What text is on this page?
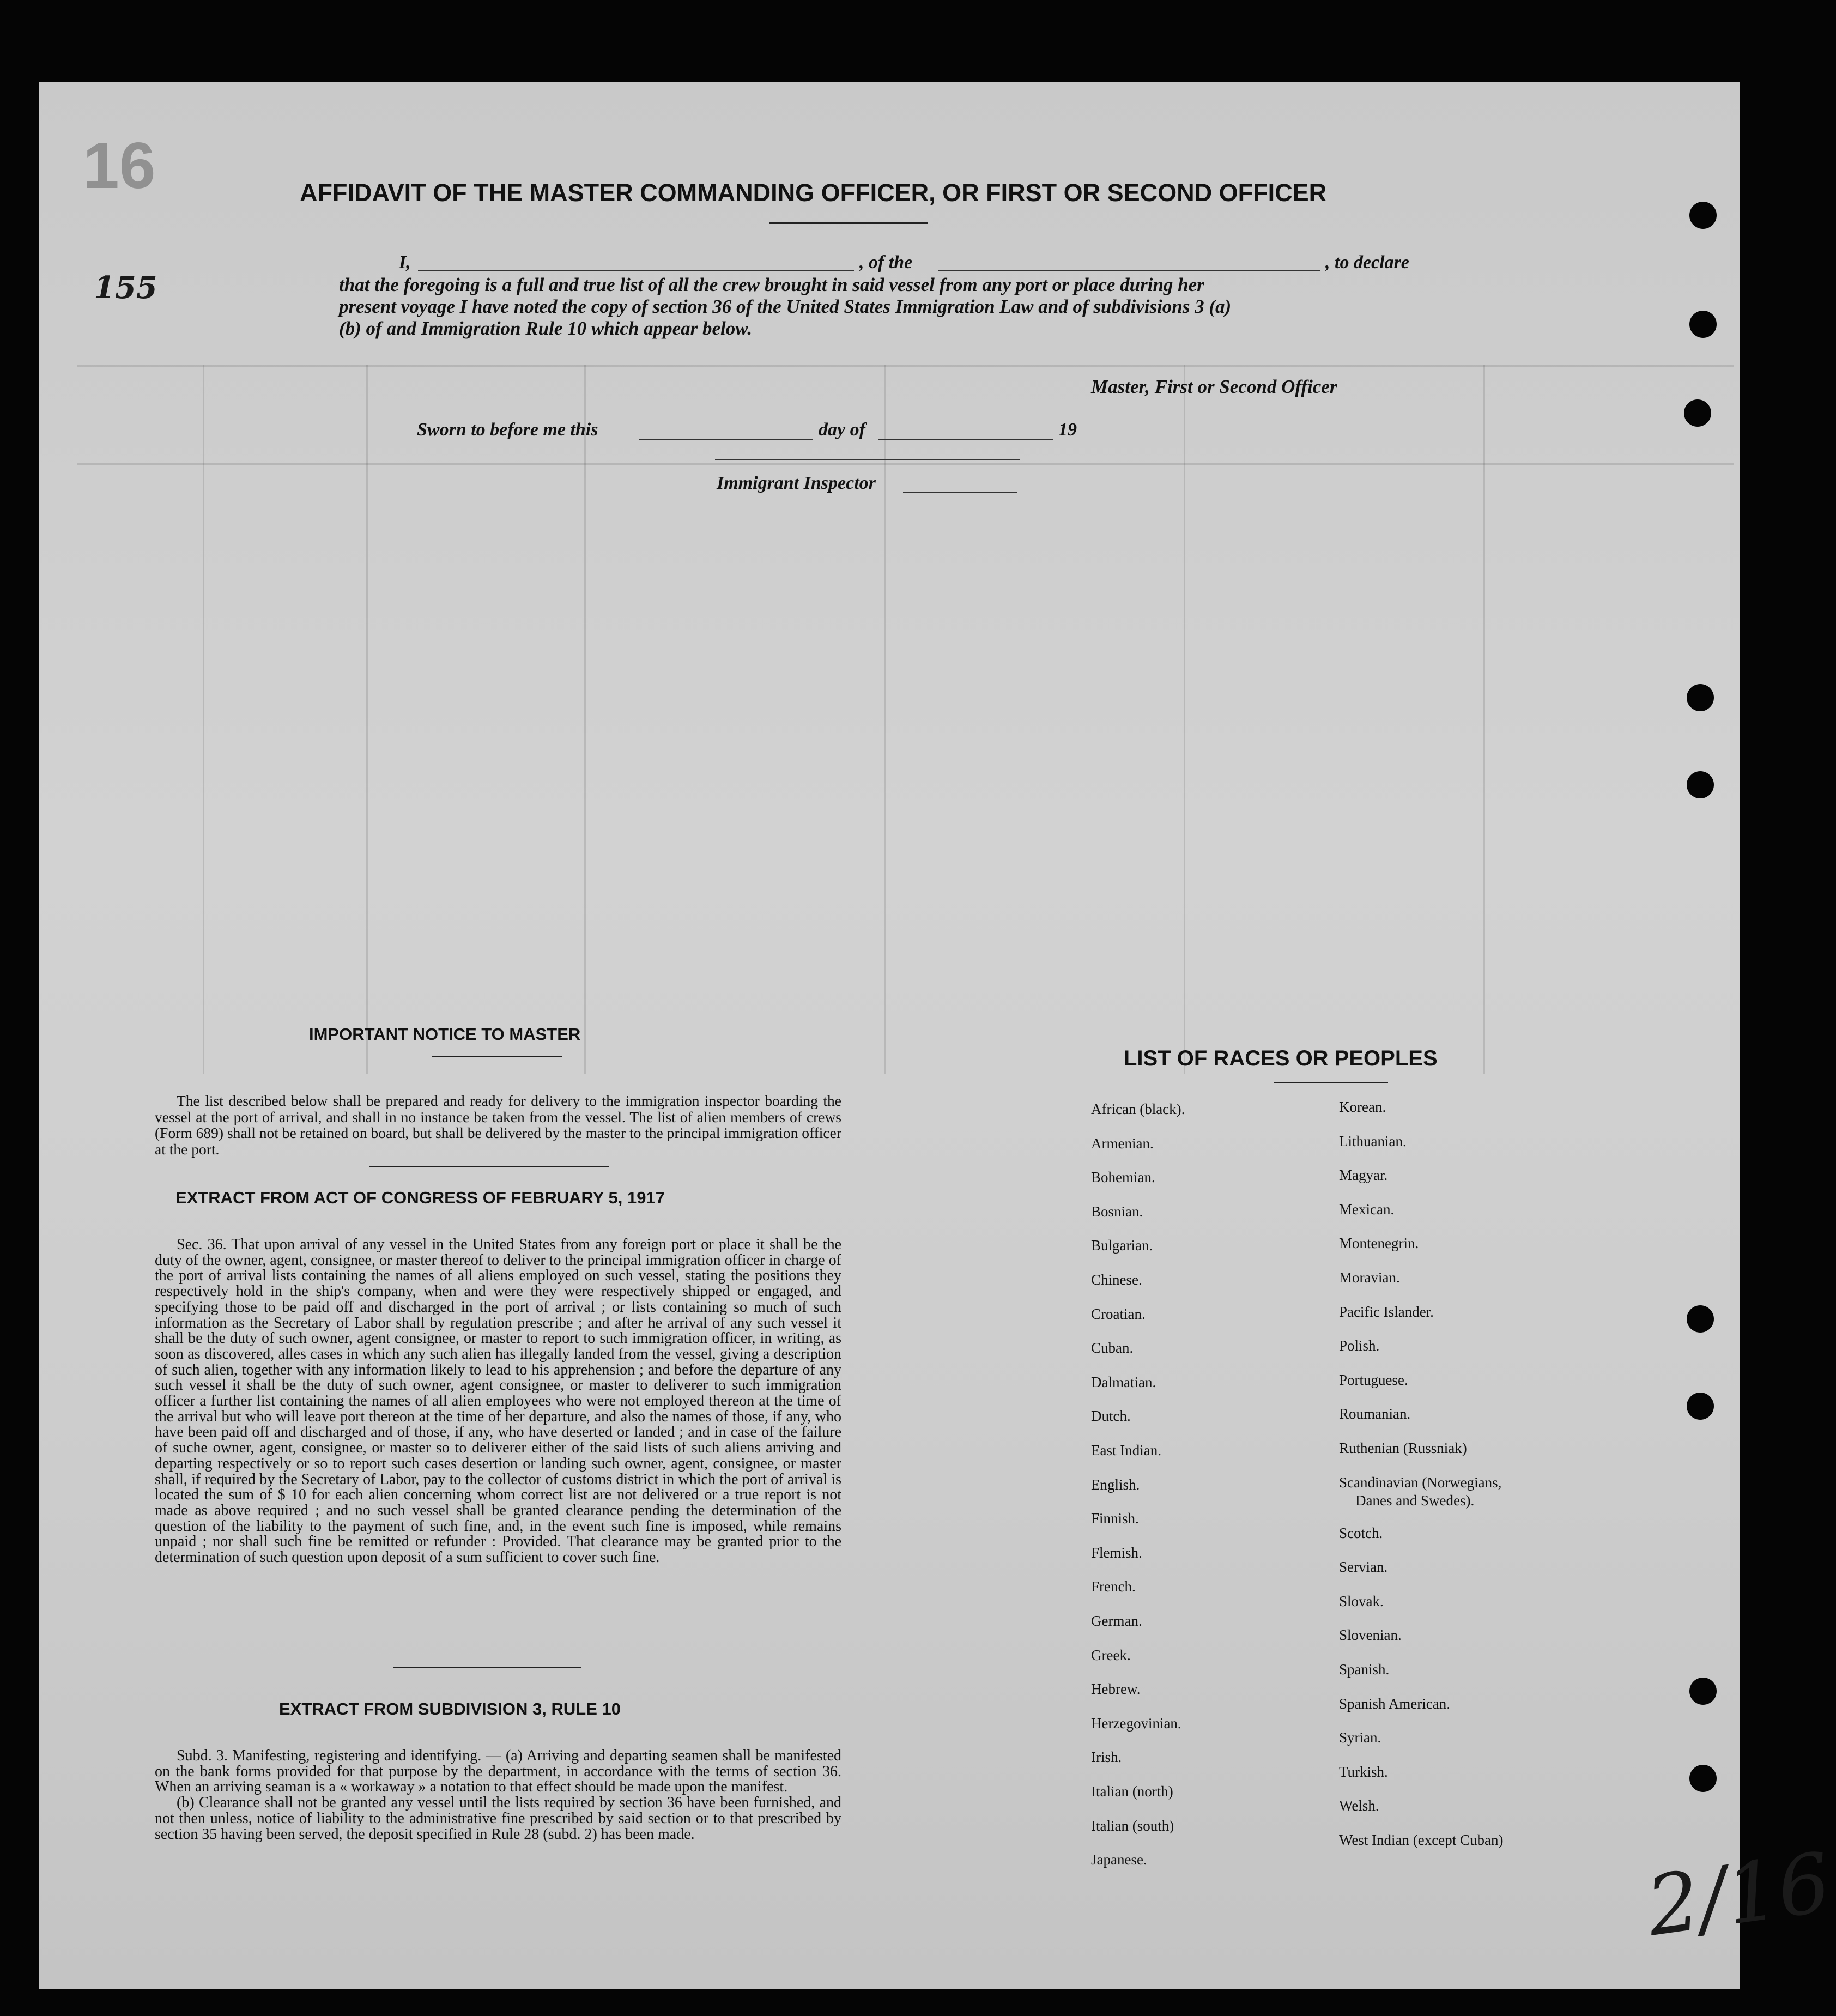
16
155
2/16
AFFIDAVIT OF THE MASTER COMMANDING OFFICER, OR FIRST OR SECOND OFFICER
I,	, of the	, to declare
that the foregoing is a full and true list of all the crew brought in said vessel from any port or place during her
present voyage I have noted the copy of section 36 of the United States Immigration Law and of subdivisions 3 (a)
(b) of and Immigration Rule 10 which appear below.
Master, First or Second Officer
Sworn to before me this	day of	19
Immigrant Inspector
IMPORTANT NOTICE TO MASTER

The list described below shall be prepared and ready for delivery to the immigration inspector boarding the vessel at the port of arrival, and shall in no instance be taken from the vessel. The list of alien members of crews (Form 689) shall not be retained on board, but shall be delivered by the master to the principal immigration officer at the port.

EXTRACT FROM ACT OF CONGRESS OF FEBRUARY 5, 1917

Sec. 36. That upon arrival of any vessel in the United States from any foreign port or place it shall be the duty of the owner, agent, consignee, or master thereof to deliver to the principal immigration officer in charge of the port of arrival lists containing the names of all aliens employed on such vessel, stating the positions they respectively hold in the ship's company, when and were they were respectively shipped or engaged, and specifying those to be paid off and discharged in the port of arrival ; or lists containing so much of such information as the Secretary of Labor shall by regulation prescribe ; and after he arrival of any such vessel it shall be the duty of such owner, agent consignee, or master to report to such immigration officer, in writing, as soon as discovered, alles cases in which any such alien has illegally landed from the vessel, giving a description of such alien, together with any information likely to lead to his apprehension ; and before the departure of any such vessel it shall be the duty of such owner, agent consignee, or master to deliverer to such immigration officer a further list containing the names of all alien employees who were not employed thereon at the time of the arrival but who will leave port thereon at the time of her departure, and also the names of those, if any, who have been paid off and discharged and of those, if any, who have deserted or landed ; and in case of the failure of suche owner, agent, consignee, or master so to deliverer either of the said lists of such aliens arriving and departing respectively or so to report such cases desertion or landing such owner, agent, consignee, or master shall, if required by the Secretary of Labor, pay to the collector of customs district in which the port of arrival is located the sum of $ 10 for each alien concerning whom correct list are not delivered or a true report is not made as above required ; and no such vessel shall be granted clearance pending the determination of the question of the liability to the payment of such fine, and, in the event such fine is imposed, while remains unpaid ; nor shall such fine be remitted or refunder : Provided. That clearance may be granted prior to the determination of such question upon deposit of a sum sufficient to cover such fine.

EXTRACT FROM SUBDIVISION 3, RULE 10

Subd. 3. Manifesting, registering and identifying. — (a) Arriving and departing seamen shall be manifested on the bank forms provided for that purpose by the department, in accordance with the terms of section 36. When an arriving seaman is a « workaway » a notation to that effect should be made upon the manifest.

(b) Clearance shall not be granted any vessel until the lists required by section 36 have been furnished, and not then unless, notice of liability to the administrative fine prescribed by said section or to that prescribed by section 35 having been served, the deposit specified in Rule 28 (subd. 2) has been made.

LIST OF RACES OR PEOPLES
African (black).
Armenian.
Bohemian.
Bosnian.
Bulgarian.
Chinese.
Croatian.
Cuban.
Dalmatian.
Dutch.
East Indian.
English.
Finnish.
Flemish.
French.
German.
Greek.
Hebrew.
Herzegovinian.
Irish.
Italian (north)
Italian (south)
Japanese.
Korean.
Lithuanian.
Magyar.
Mexican.
Montenegrin.
Moravian.
Pacific Islander.
Polish.
Portuguese.
Roumanian.
Ruthenian (Russniak)
Scandinavian (Norwegians,
Danes and Swedes).
Scotch.
Servian.
Slovak.
Slovenian.
Spanish.
Spanish American.
Syrian.
Turkish.
Welsh.
West Indian (except Cuban)
